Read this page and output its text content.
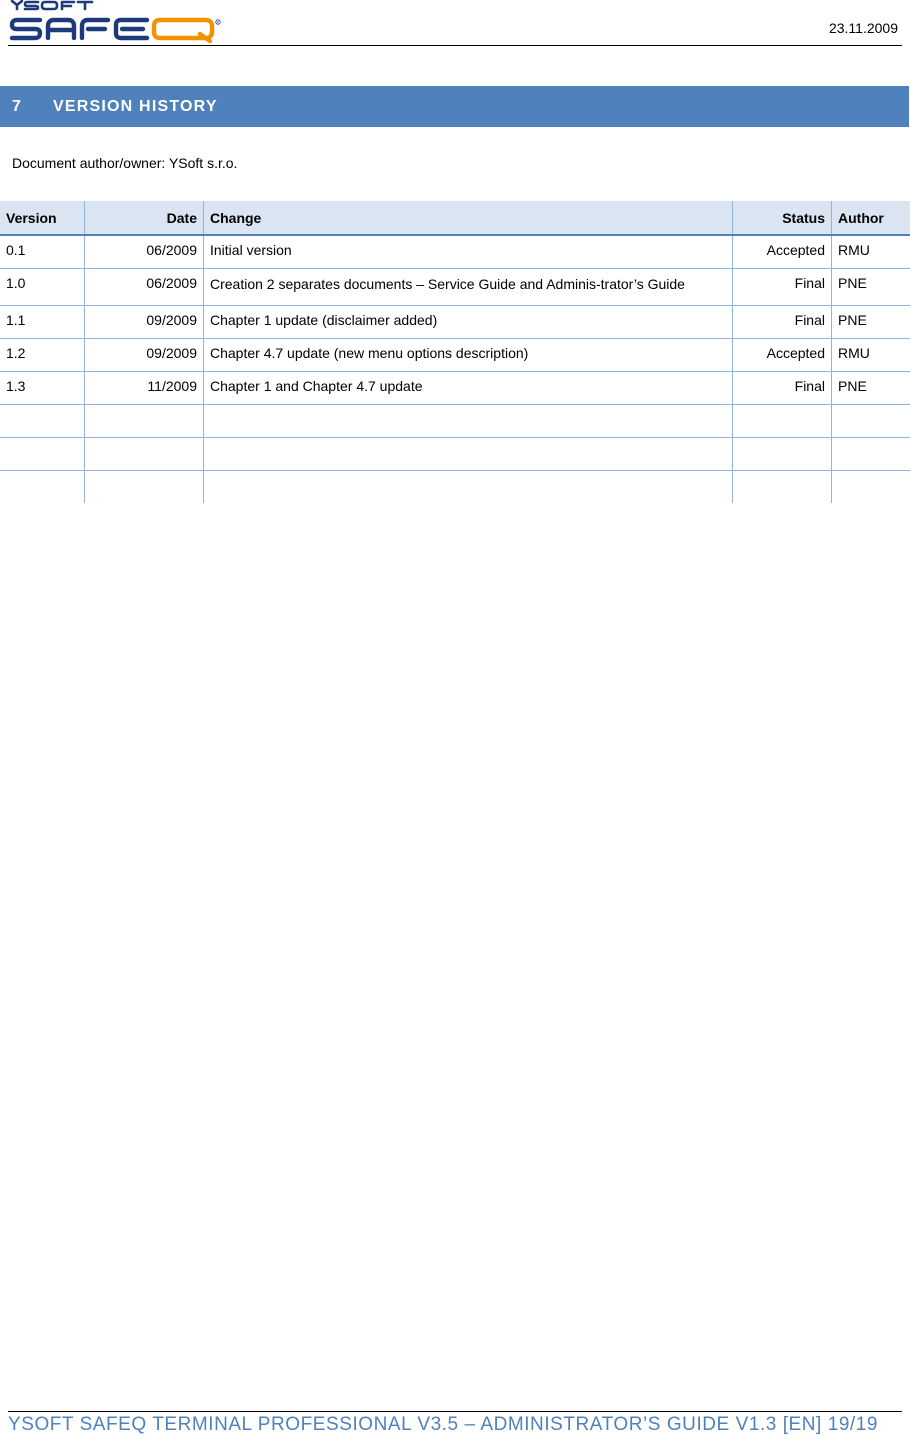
R	23.11.2009
7	VERSION HISTORY
Document author/owner: YSoft s.r.o.
Version	Date	Change	Status	Author
0.1	06/2009	Initial version	Accepted	RMU
1.0	06/2009	Creation 2 separates documents – Service Guide and Adminis-trator’s Guide	Final	PNE
1.1	09/2009	Chapter 1 update (disclaimer added)	Final	PNE
1.2	09/2009	Chapter 4.7 update (new menu options description)	Accepted	RMU
1.3	11/2009	Chapter 1 and Chapter 4.7 update	Final	PNE

YSOFT SAFEQ TERMINAL PROFESSIONAL V3.5 – ADMINISTRATOR’S GUIDE V1.3 [EN] 19/19
